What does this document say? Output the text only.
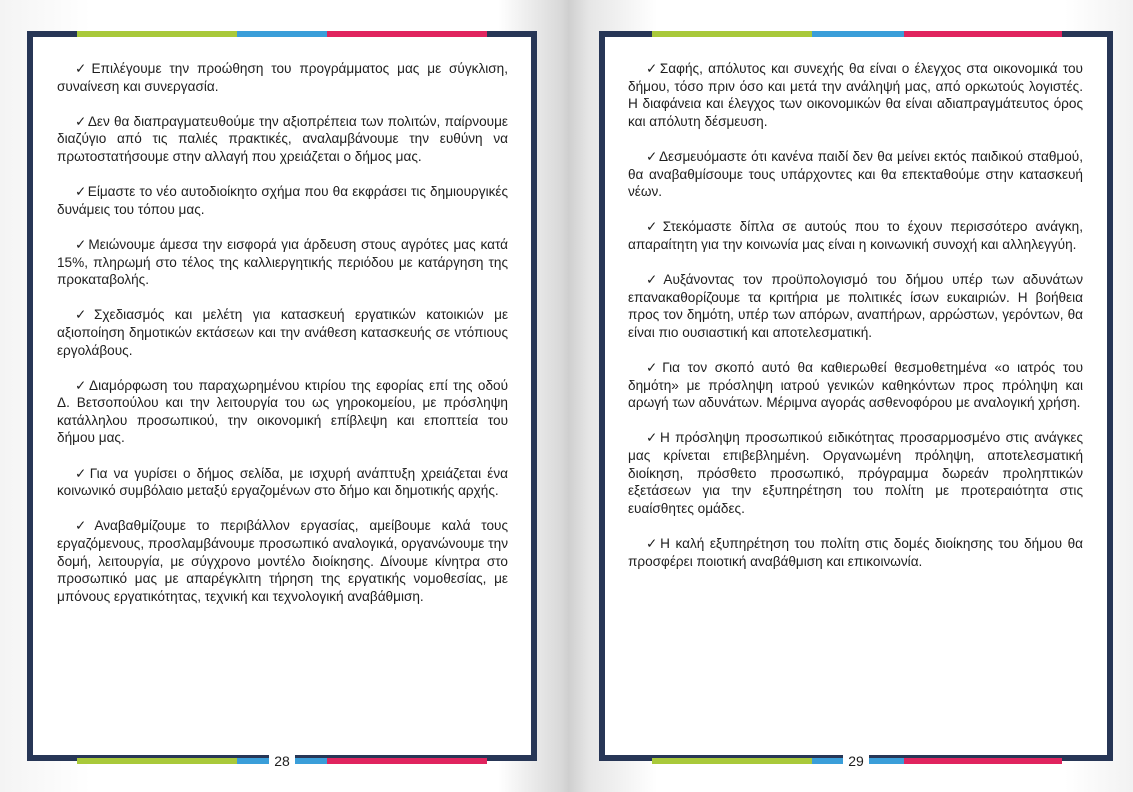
✓Επιλέγουμε την προώθηση του προγράμματος μας με σύγκλιση, συναίνεση και συνεργασία.

✓Δεν θα διαπραγματευθούμε την αξιοπρέπεια των πολιτών, παίρνουμε διαζύγιο από τις παλιές πρακτικές, αναλαμβάνουμε την ευθύνη να πρωτοστατήσουμε στην αλλαγή που χρειάζεται ο δήμος μας.

✓Είμαστε το νέο αυτοδιοίκητο σχήμα που θα εκφράσει τις δημιουργικές δυνάμεις του τόπου μας.

✓Μειώνουμε άμεσα την εισφορά για άρδευση στους αγρότες μας κατά 15%, πληρωμή στο τέλος της καλλιεργητικής περιόδου με κατάργηση της προκαταβολής.

✓Σχεδιασμός και μελέτη για κατασκευή εργατικών κατοικιών με αξιοποίηση δημοτικών εκτάσεων και την ανάθεση κατασκευής σε ντόπιους εργολάβους.

✓Διαμόρφωση του παραχωρημένου κτιρίου της εφορίας επί της οδού Δ. Βετσοπούλου και την λειτουργία του ως γηροκομείου, με πρόσληψη κατάλληλου προσωπικού, την οικονομική επίβλεψη και εποπτεία του δήμου μας.

✓Για να γυρίσει ο δήμος σελίδα, με ισχυρή ανάπτυξη χρειάζεται ένα κοινωνικό συμβόλαιο μεταξύ εργαζομένων στο δήμο και δημοτικής αρχής.

✓Αναβαθμίζουμε το περιβάλλον εργασίας, αμείβουμε καλά τους εργαζόμενους, προσλαμβάνουμε προσωπικό αναλογικά, οργανώνουμε την δομή, λειτουργία, με σύγχρονο μοντέλο διοίκησης. Δίνουμε κίνητρα στο προσωπικό μας με απαρέγκλιτη τήρηση της εργατικής νομοθεσίας, με μπόνους εργατικότητας, τεχνική και τεχνολογική αναβάθμιση.

28

✓Σαφής, απόλυτος και συνεχής θα είναι ο έλεγχος στα οικονομικά του δήμου, τόσο πριν όσο και μετά την ανάληψή μας, από ορκωτούς λογιστές. Η διαφάνεια και έλεγχος των οικονομικών θα είναι αδιαπραγμάτευτος όρος και απόλυτη δέσμευση.

✓Δεσμευόμαστε ότι κανένα παιδί δεν θα μείνει εκτός παιδικού σταθμού, θα αναβαθμίσουμε τους υπάρχοντες και θα επεκταθούμε στην κατασκευή νέων.

✓Στεκόμαστε δίπλα σε αυτούς που το έχουν περισσότερο ανάγκη, απαραίτητη για την κοινωνία μας είναι η κοινωνική συνοχή και αλληλεγγύη.

✓Αυξάνοντας τον προϋπολογισμό του δήμου υπέρ των αδυνάτων επανακαθορίζουμε τα κριτήρια με πολιτικές ίσων ευκαιριών. Η βοήθεια προς τον δημότη, υπέρ των απόρων, αναπήρων, αρρώστων, γερόντων, θα είναι πιο ουσιαστική και αποτελεσματική.

✓Για τον σκοπό αυτό θα καθιερωθεί θεσμοθετημένα «ο ιατρός του δημότη» με πρόσληψη ιατρού γενικών καθηκόντων προς πρόληψη και αρωγή των αδυνάτων. Μέριμνα αγοράς ασθενοφόρου με αναλογική χρήση.

✓Η πρόσληψη προσωπικού ειδικότητας προσαρμοσμένο στις ανάγκες μας κρίνεται επιβεβλημένη. Οργανωμένη πρόληψη, αποτελεσματική διοίκηση, πρόσθετο προσωπικό, πρόγραμμα δωρεάν προληπτικών εξετάσεων για την εξυπηρέτηση του πολίτη με προτεραιότητα στις ευαίσθητες ομάδες.

✓Η καλή εξυπηρέτηση του πολίτη στις δομές διοίκησης του δήμου θα προσφέρει ποιοτική αναβάθμιση και επικοινωνία.

29
